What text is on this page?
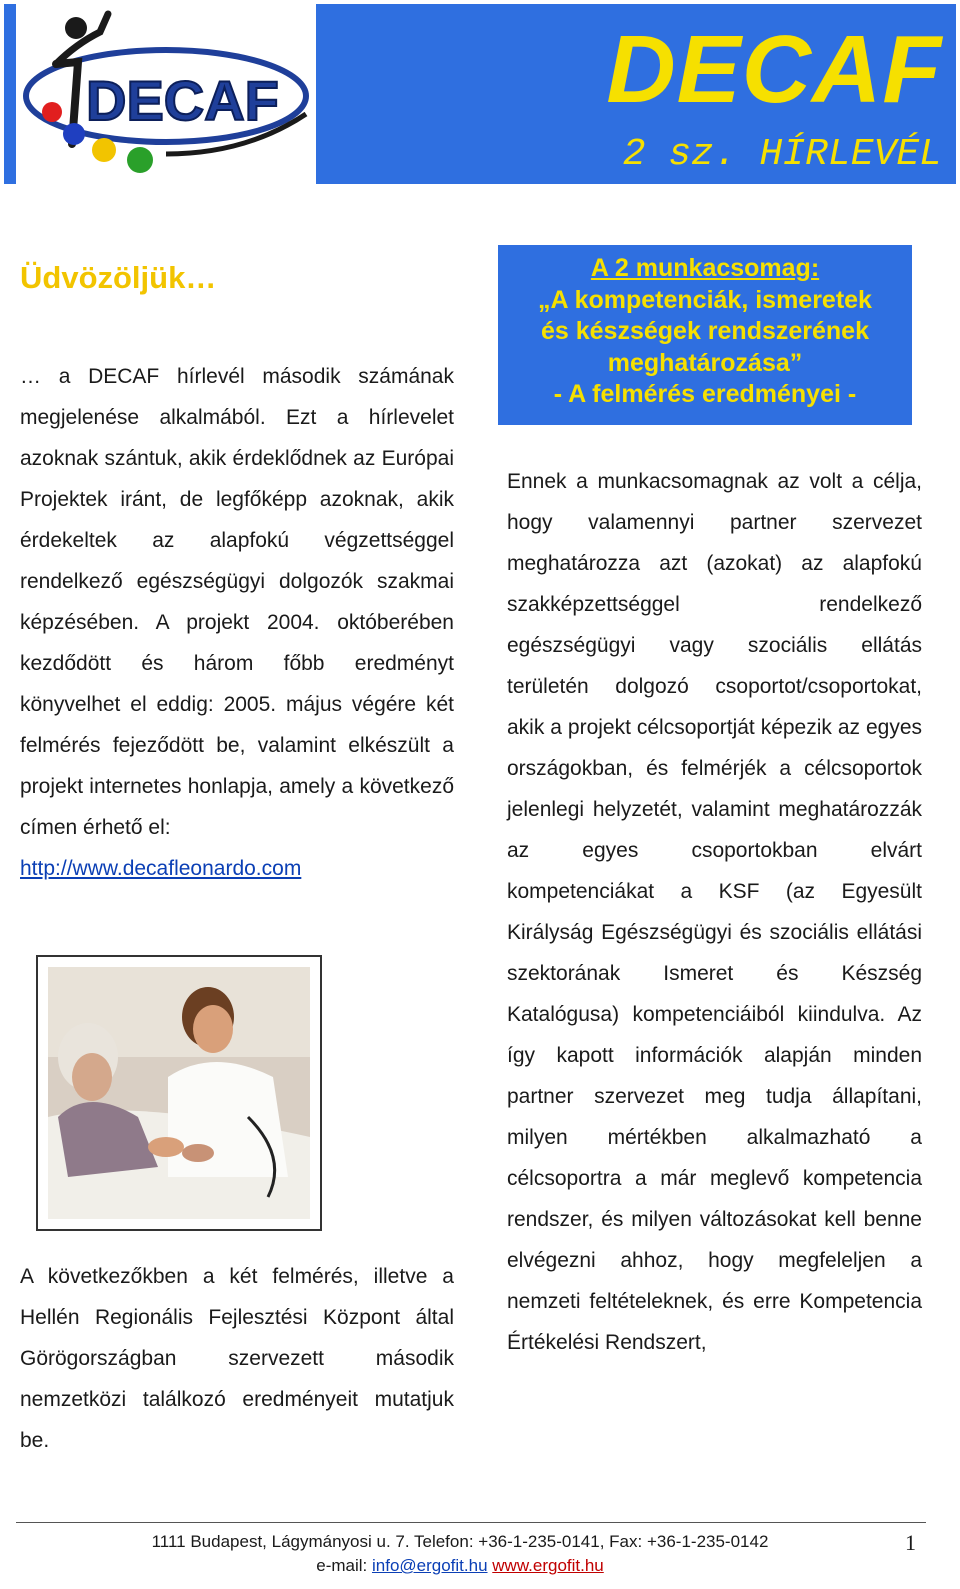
DECAF	DECAF
2 sz. HÍRLEVÉL
Üdvözöljük…

… a DECAF hírlevél második számának megjelenése alkalmából. Ezt a hírlevelet azoknak szántuk, akik érdeklődnek az Európai Projektek iránt, de legfőképp azoknak, akik érdekeltek az alapfokú végzettséggel rendelkező egészségügyi dolgozók szakmai képzésében. A projekt 2004. októberében kezdődött és három főbb eredményt könyvelhet el eddig: 2005. május végére két felmérés fejeződött be, valamint elkészült a projekt internetes honlapja, amely a következő címen érhető el:
http://www.decafleonardo.com

A következőkben a két felmérés, illetve a Hellén Regionális Fejlesztési Központ által Görögországban szervezett második nemzetközi találkozó eredményeit mutatjuk be.

A 2 munkacsomag:
„A kompetenciák, ismeretek
és készségek rendszerének
meghatározása”
- A felmérés eredményei -

Ennek a munkacsomagnak az volt a célja, hogy valamennyi partner szervezet meghatározza azt (azokat) az alapfokú szakképzettséggel rendelkező egészségügyi vagy szociális ellátás területén dolgozó csoportot/csoportokat, akik a projekt célcsoportját képezik az egyes országokban, és felmérjék a célcsoportok jelenlegi helyzetét, valamint meghatározzák az egyes csoportokban elvárt kompetenciákat a KSF (az Egyesült Királyság Egészségügyi és szociális ellátási szektorának Ismeret és Készség Katalógusa) kompetenciáiból kiindulva. Az így kapott információk alapján minden partner szervezet meg tudja állapítani, milyen mértékben alkalmazható a célcsoportra a már meglevő kompetencia rendszer, és milyen változásokat kell benne elvégezni ahhoz, hogy megfeleljen a nemzeti feltételeknek, és erre Kompetencia Értékelési Rendszert,

1111 Budapest, Lágymányosi u. 7. Telefon: +36-1-235-0141, Fax: +36-1-235-0142
e-mail: info@ergofit.hu www.ergofit.hu
1
